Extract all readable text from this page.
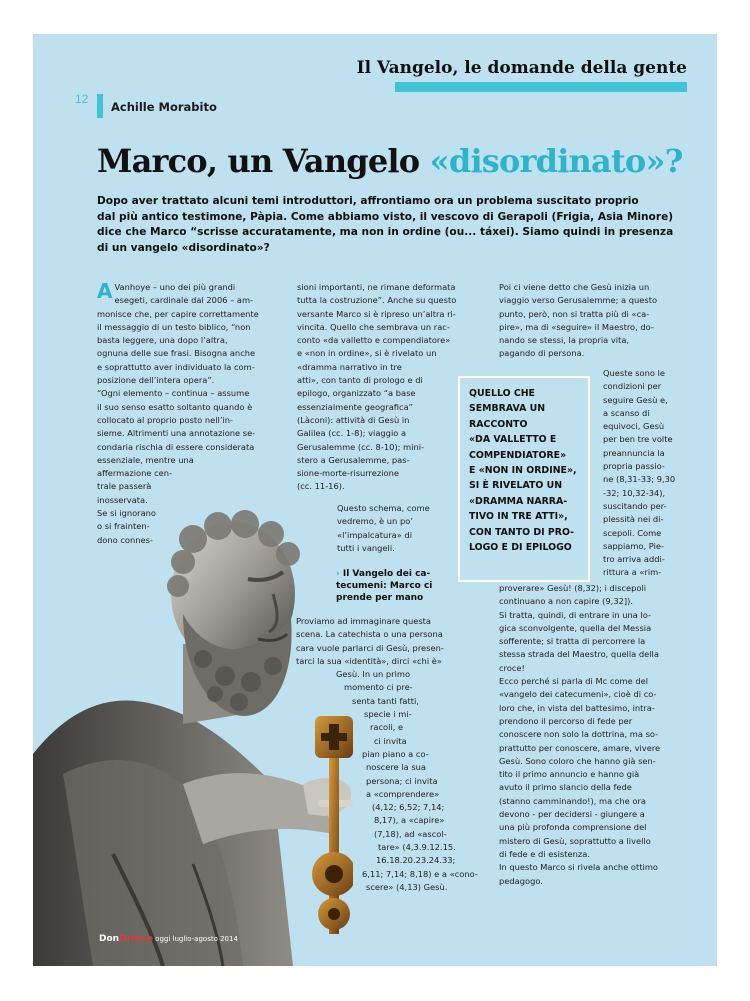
Il Vangelo, le domande della gente
12
Achille Morabito
Marco, un Vangelo «disordinato»?

Dopo aver trattato alcuni temi introduttori, affrontiamo ora un problema suscitato proprio

dal più antico testimone, Pàpia. Come abbiamo visto, il vescovo di Gerapoli (Frigia, Asia Minore)

dice che Marco “scrisse accuratamente, ma non in ordine (ou... táxei). Siamo quindi in presenza

di un vangelo «disordinato»?

A Vanhoye – uno dei più grandi

esegeti, cardinale dal 2006 – am-

monisce che, per capire correttamente

il messaggio di un testo biblico, “non

basta leggere, una dopo l’altra,

ognuna delle sue frasi. Bisogna anche

e soprattutto aver individuato la com-

posizione dell’intera opera”.

“Ogni elemento – continua – assume

il suo senso esatto soltanto quando è

collocato al proprio posto nell’in-

sieme. Altrimenti una annotazione se-

condaria rischia di essere considerata

essenziale, mentre una

affermazione cen-

trale passerà

inosservata.

Se si ignorano

o si frainten-

dono connes-

sioni importanti, ne rimane deformata

tutta la costruzione”. Anche su questo

versante Marco si è ripreso un’altra ri-

vincita. Quello che sembrava un rac-

conto «da valletto e compendiatore»

e «non in ordine», si è rivelato un

«dramma narrativo in tre

atti», con tanto di prologo e di

epilogo, organizzato “a base

essenzialmente geografica”

(Làconi): attività di Gesù in

Galilea (cc. 1-8); viaggio a

Gerusalemme (cc. 8-10); mini-

stero a Gerusalemme, pas-

sione-morte-risurrezione

(cc. 11-16).

Questo schema, come

vedremo, è un po’

«l’impalcatura» di

tutti i vangeli.

› Il Vangelo dei ca-

tecumeni: Marco ci

prende per mano

Proviamo ad immaginare questa

scena. La catechista o una persona

cara vuole parlarci di Gesù, presen-

tarci la sua «identità», dirci «chi è»

Gesù. In un primo

momento ci pre-

senta tanti fatti,

specie i mi-

racoli, e

ci invita

pian piano a co-

noscere la sua

persona; ci invita

a «comprendere»

(4,12; 6,52; 7,14;

8,17), a «capire»

(7,18), ad «ascol-

tare» (4,3.9.12.15.

16.18.20.23.24.33;

6,11; 7,14; 8,18) e a «cono-

scere» (4,13) Gesù.

QUELLO CHE

SEMBRAVA UN

RACCONTO

«DA VALLETTO E

COMPENDIATORE»

E «NON IN ORDINE»,

SI È RIVELATO UN

«DRAMMA NARRA-

TIVO IN TRE ATTI»,

CON TANTO DI PRO-

LOGO E DI EPILOGO

Poi ci viene detto che Gesù inizia un

viaggio verso Gerusalemme; a questo

punto, però, non si tratta più di «ca-

pire», ma di «seguire» il Maestro, do-

nando se stessi, la propria vita,

pagando di persona.

Queste sono le

condizioni per

seguire Gesù e,

a scanso di

equivoci, Gesù

per ben tre volte

preannuncia la

propria passio-

ne (8,31-33; 9,30

-32; 10,32-34),

suscitando per-

plessità nei di-

scepoli. Come

sappiamo, Pie-

tro arriva addi-

rittura a «rim-

proverare» Gesù! (8,32); i discepoli

continuano a non capire (9,32]).

Si tratta, quindi, di entrare in una lo-

gica sconvolgente, quella del Messia

sofferente; si tratta di percorrere la

stessa strada del Maestro, quella della

croce!

Ecco perché si parla di Mc come del

«vangelo dei catecumeni», cioè di co-

loro che, in vista del battesimo, intra-

prendono il percorso di fede per

conoscere non solo la dottrina, ma so-

prattutto per conoscere, amare, vivere

Gesù. Sono coloro che hanno già sen-

tito il primo annuncio e hanno già

avuto il primo slancio della fede

(stanno camminando!), ma che ora

devono - per decidersi - giungere a

una più profonda comprensione del

mistero di Gesù, soprattutto a livello

di fede e di esistenza.

In questo Marco si rivela anche ottimo

pedagogo.

DonOrione oggi luglio-agosto 2014
